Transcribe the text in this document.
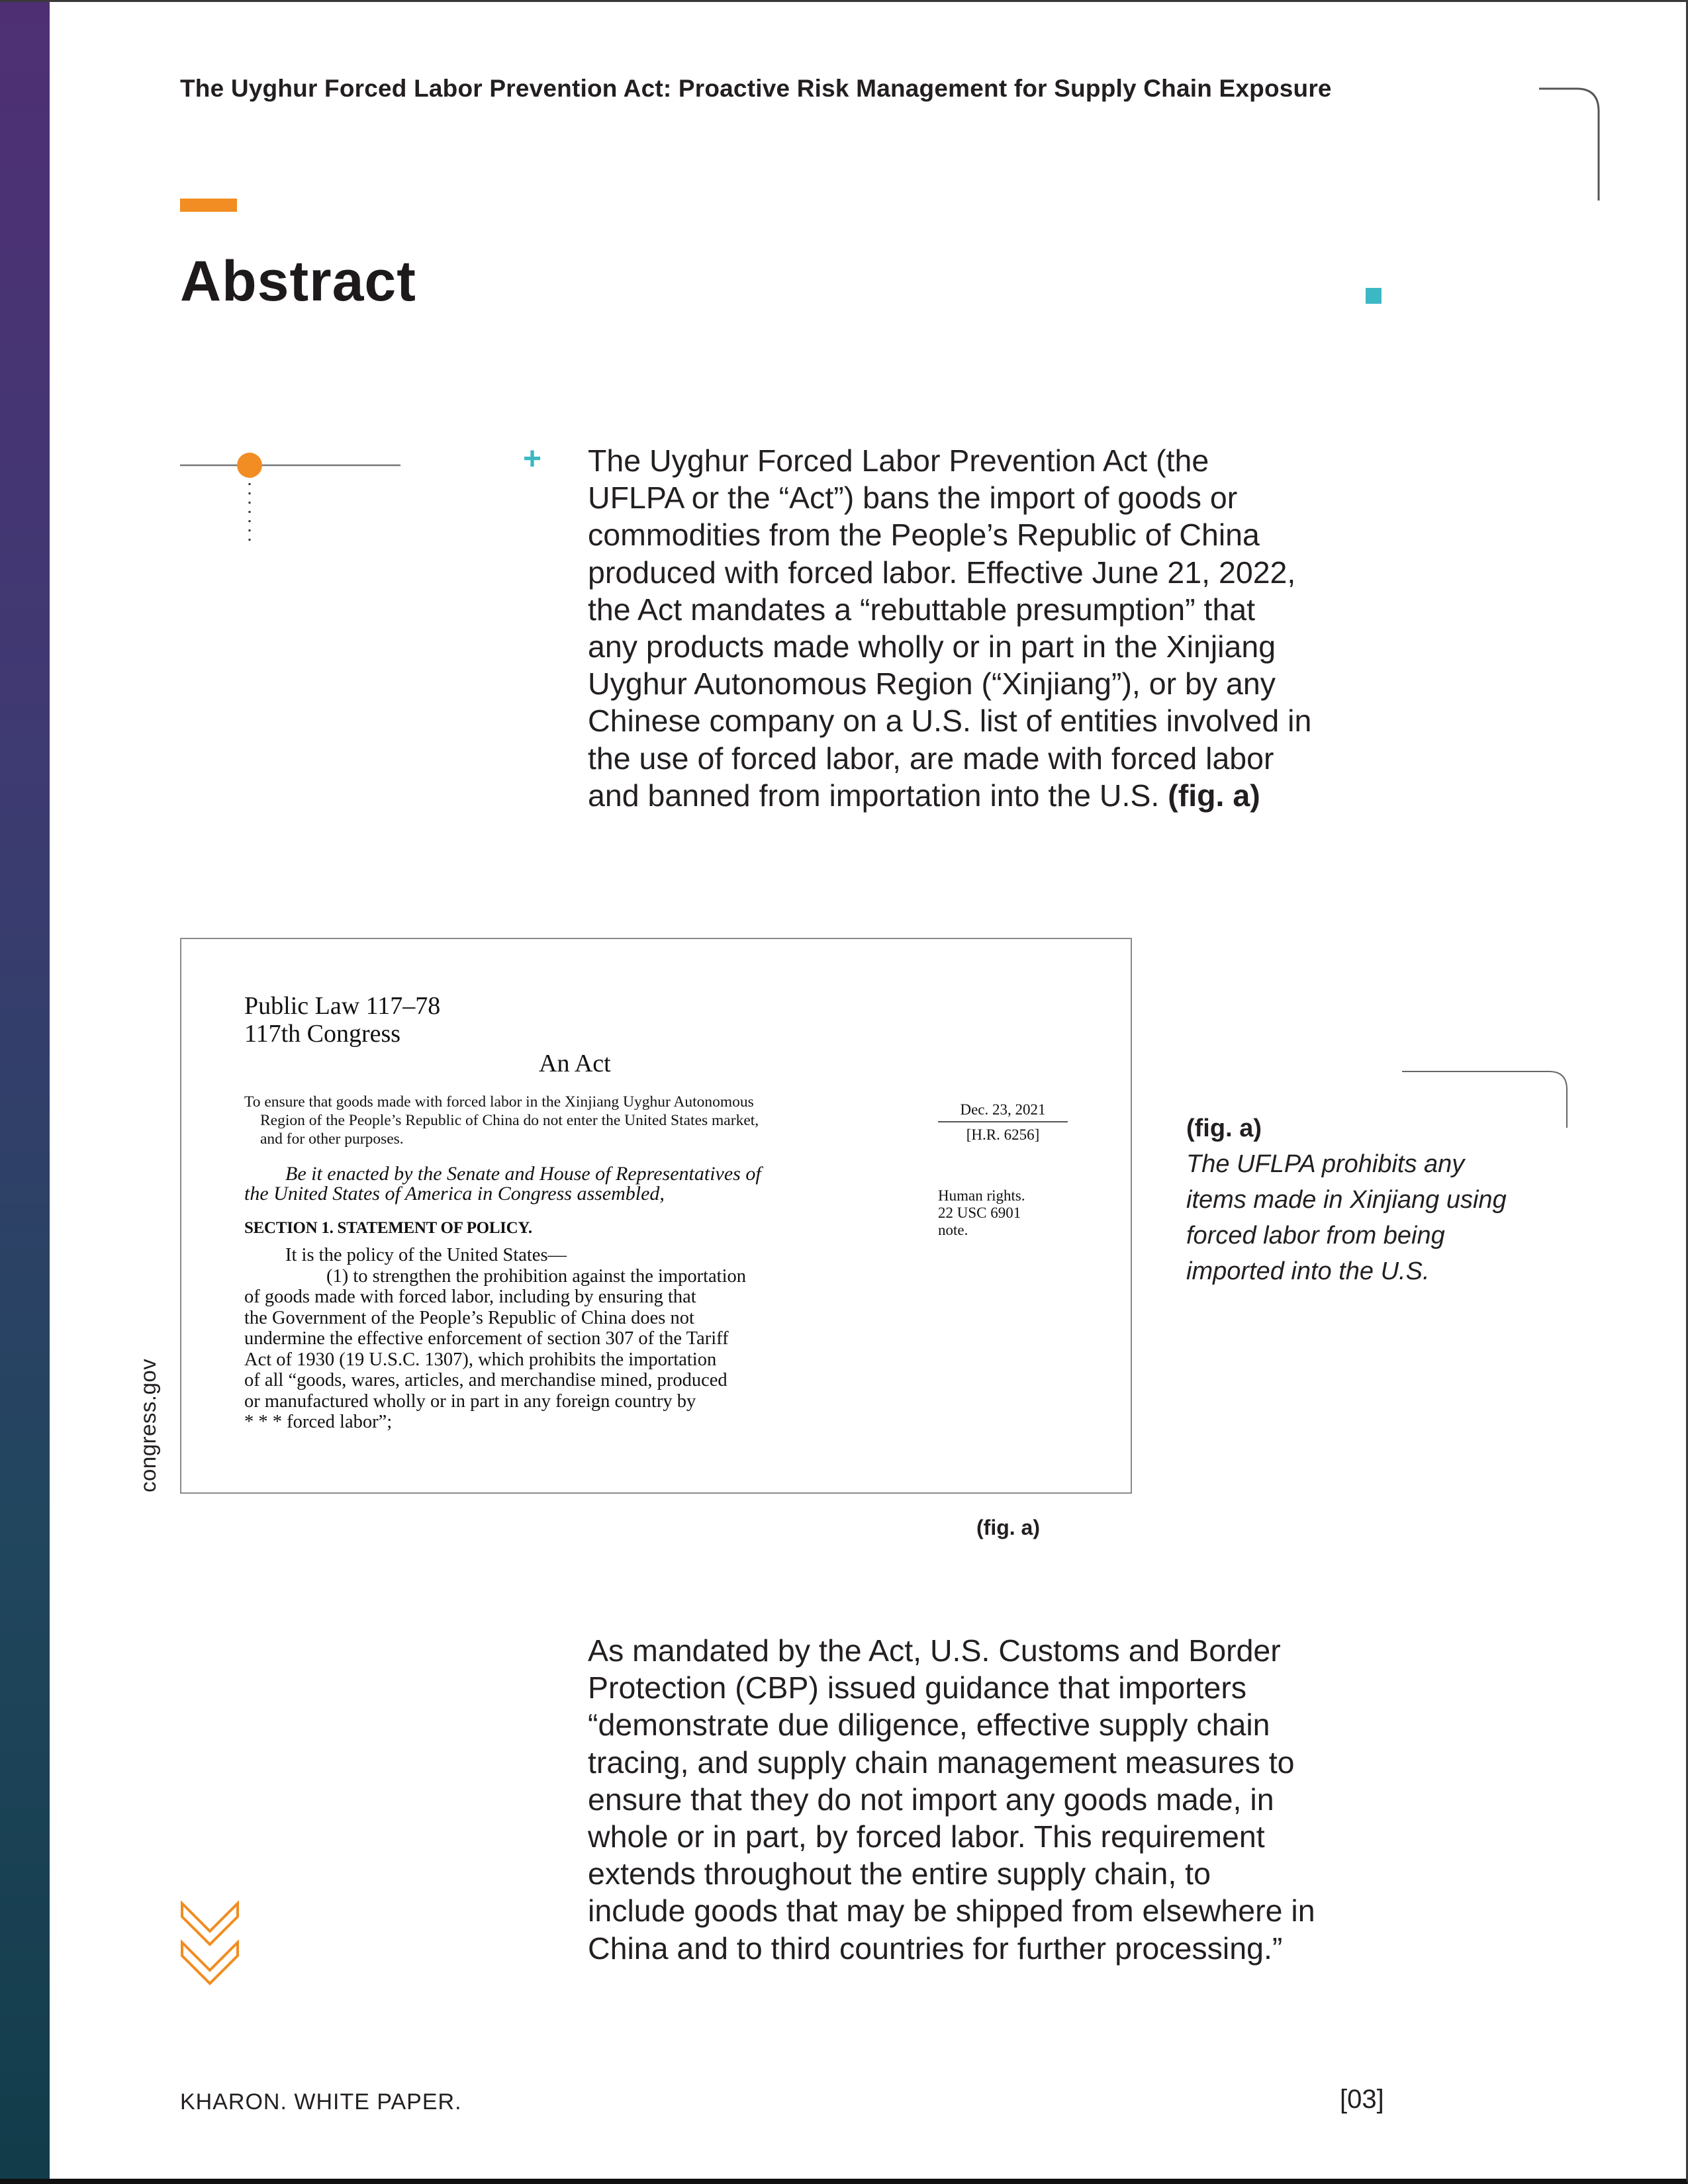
The Uyghur Forced Labor Prevention Act: Proactive Risk Management for Supply Chain Exposure
Abstract
+ The Uyghur Forced Labor Prevention Act (the
UFLPA or the “Act”) bans the import of goods or
commodities from the People’s Republic of China
produced with forced labor. Effective June 21, 2022,
the Act mandates a “rebuttable presumption” that
any products made wholly or in part in the Xinjiang
Uyghur Autonomous Region (“Xinjiang”), or by any
Chinese company on a U.S. list of entities involved in
the use of forced labor, are made with forced labor
and banned from importation into the U.S. (fig. a)
Public Law 117–78
117th Congress
An Act
To ensure that goods made with forced labor in the Xinjiang Uyghur Autonomous
Region of the People’s Republic of China do not enter the United States market,
and for other purposes.
Be it enacted by the Senate and House of Representatives of
the United States of America in Congress assembled,
SECTION 1. STATEMENT OF POLICY.
It is the policy of the United States—
(1) to strengthen the prohibition against the importation
of goods made with forced labor, including by ensuring that
the Government of the People’s Republic of China does not
undermine the effective enforcement of section 307 of the Tariff
Act of 1930 (19 U.S.C. 1307), which prohibits the importation
of all “goods, wares, articles, and merchandise mined, produced
or manufactured wholly or in part in any foreign country by
* * * forced labor”;
Dec. 23, 2021
[H.R. 6256]
Human rights.
22 USC 6901
note.
congress.gov
(fig. a)
(fig. a)
The UFLPA prohibits any
items made in Xinjiang using
forced labor from being
imported into the U.S.
As mandated by the Act, U.S. Customs and Border
Protection (CBP) issued guidance that importers
“demonstrate due diligence, effective supply chain
tracing, and supply chain management measures to
ensure that they do not import any goods made, in
whole or in part, by forced labor. This requirement
extends throughout the entire supply chain, to
include goods that may be shipped from elsewhere in
China and to third countries for further processing.”
KHARON. WHITE PAPER.	[03]
